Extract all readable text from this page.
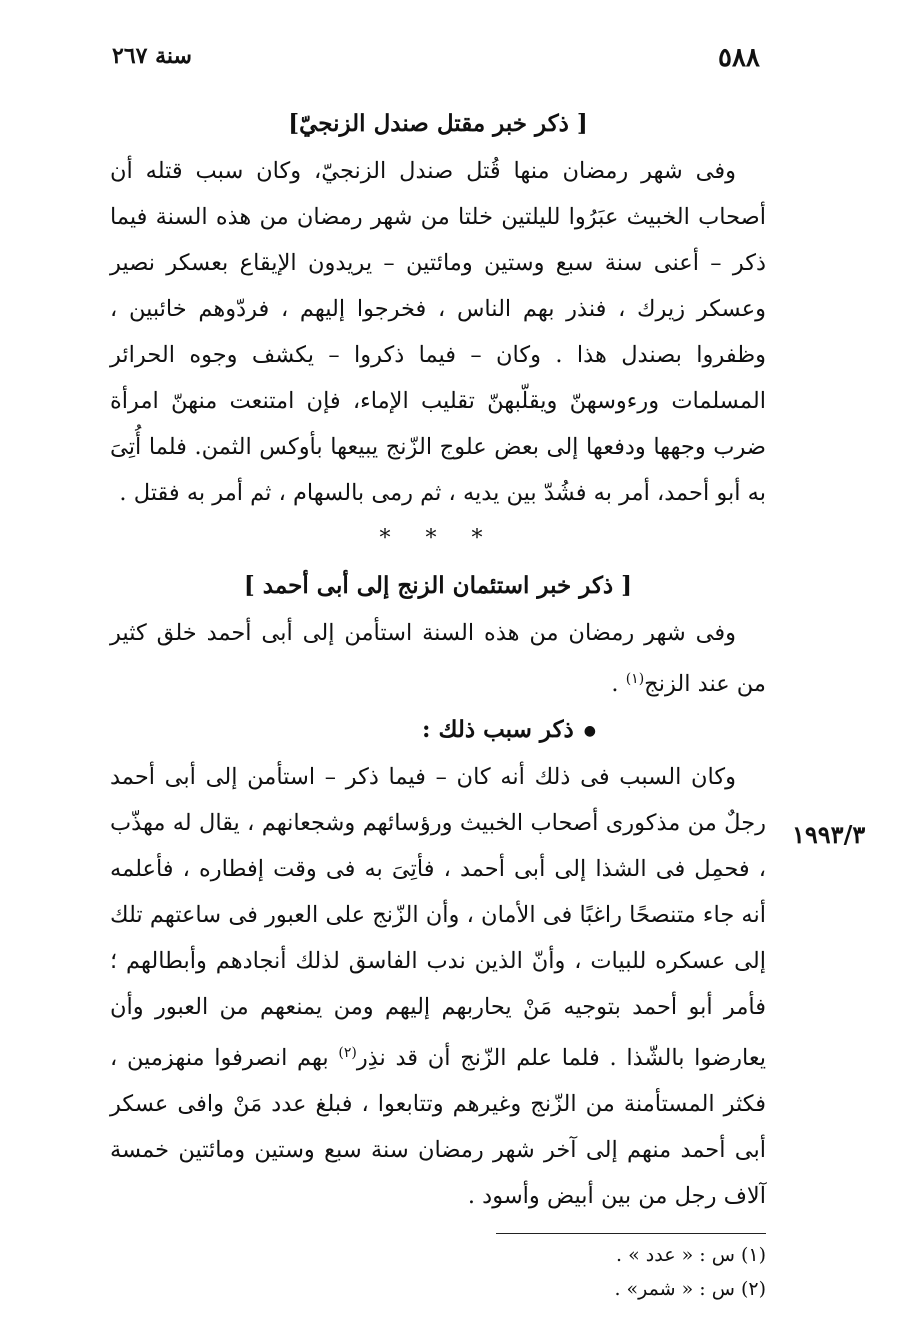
سنة ٢٦٧	٥٨٨
١٩٩٣/٣
[ ذكر خبر مقتل صندل الزنجيّ]

وفى شهر رمضان منها قُتل صندل الزنجيّ، وكان سبب قتله أن أصحاب الخبيث عبَرُوا لليلتين خلتا من شهر رمضان من هذه السنة فيما ذكر – أعنى سنة سبع وستين ومائتين – يريدون الإيقاع بعسكر نصير وعسكر زيرك ، فنذر بهم الناس ، فخرجوا إليهم ، فردّوهم خائبين ، وظفروا بصندل هذا . وكان – فيما ذكروا – يكشف وجوه الحرائر المسلمات ورءوسهنّ ويقلّبهنّ تقليب الإماء، فإن امتنعت منهنّ امرأة ضرب وجهها ودفعها إلى بعض علوج الزّنج يبيعها بأوكس الثمن. فلما أُتِىَ به أبو أحمد، أمر به فشُدّ بين يديه ، ثم رمى بالسهام ، ثم أمر به فقتل .

* * *

[ ذكر خبر استئمان الزنج إلى أبى أحمد ]

وفى شهر رمضان من هذه السنة استأمن إلى أبى أحمد خلق كثير من عند الزنج$^{(١)}$ .

●ذكر سبب ذلك :

وكان السبب فى ذلك أنه كان – فيما ذكر – استأمن إلى أبى أحمد رجلٌ من مذكورى أصحاب الخبيث ورؤسائهم وشجعانهم ، يقال له مهذّب ، فحمِل فى الشذا إلى أبى أحمد ، فأتِىَ به فى وقت إفطاره ، فأعلمه أنه جاء متنصحًا راغبًا فى الأمان ، وأن الزّنج على العبور فى ساعتهم تلك إلى عسكره للبيات ، وأنّ الذين ندب الفاسق لذلك أنجادهم وأبطالهم ؛ فأمر أبو أحمد بتوجيه مَنْ يحاربهم إليهم ومن يمنعهم من العبور وأن يعارضوا بالشّذا . فلما علم الزّنج أن قد نذِر$^{(٢)}$ بهم انصرفوا منهزمين ، فكثر المستأمنة من الزّنج وغيرهم وتتابعوا ، فبلغ عدد مَنْ وافى عسكر أبى أحمد منهم إلى آخر شهر رمضان سنة سبع وستين ومائتين خمسة آلاف رجل من بين أبيض وأسود .

(١) س : « عدد » .
(٢) س : « شمر» .
